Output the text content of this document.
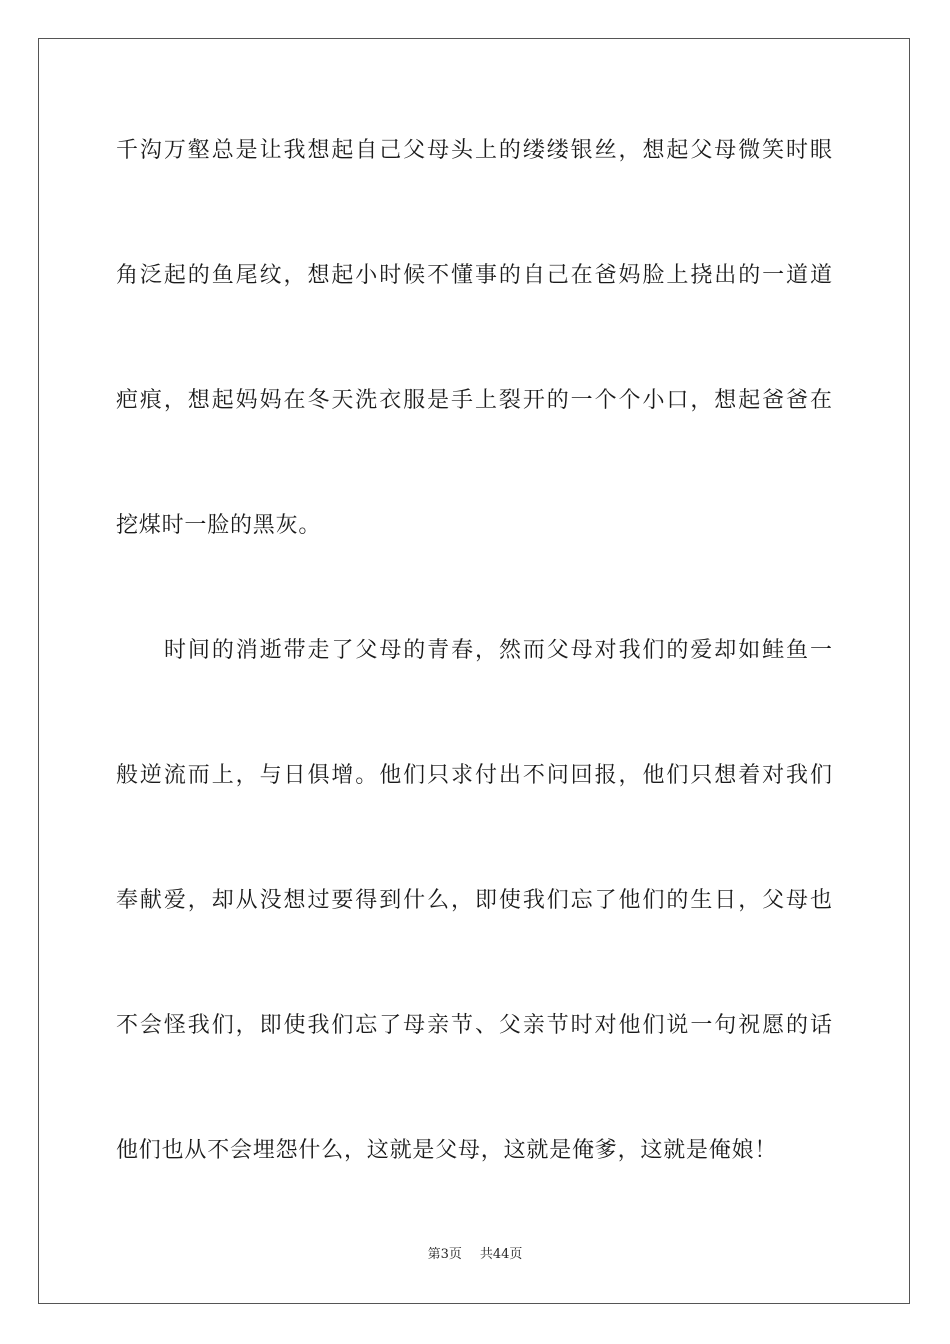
千沟万壑总是让我想起自己父母头上的缕缕银丝，想起父母微笑时眼
角泛起的鱼尾纹，想起小时候不懂事的自己在爸妈脸上挠出的一道道
疤痕，想起妈妈在冬天洗衣服是手上裂开的一个个小口，想起爸爸在
挖煤时一脸的黑灰。
时间的消逝带走了父母的青春，然而父母对我们的爱却如鲑鱼一
般逆流而上，与日俱增。他们只求付出不问回报，他们只想着对我们
奉献爱，却从没想过要得到什么，即使我们忘了他们的生日，父母也
不会怪我们，即使我们忘了母亲节、父亲节时对他们说一句祝愿的话
他们也从不会埋怨什么，这就是父母，这就是俺爹，这就是俺娘！
第3页 共44页
